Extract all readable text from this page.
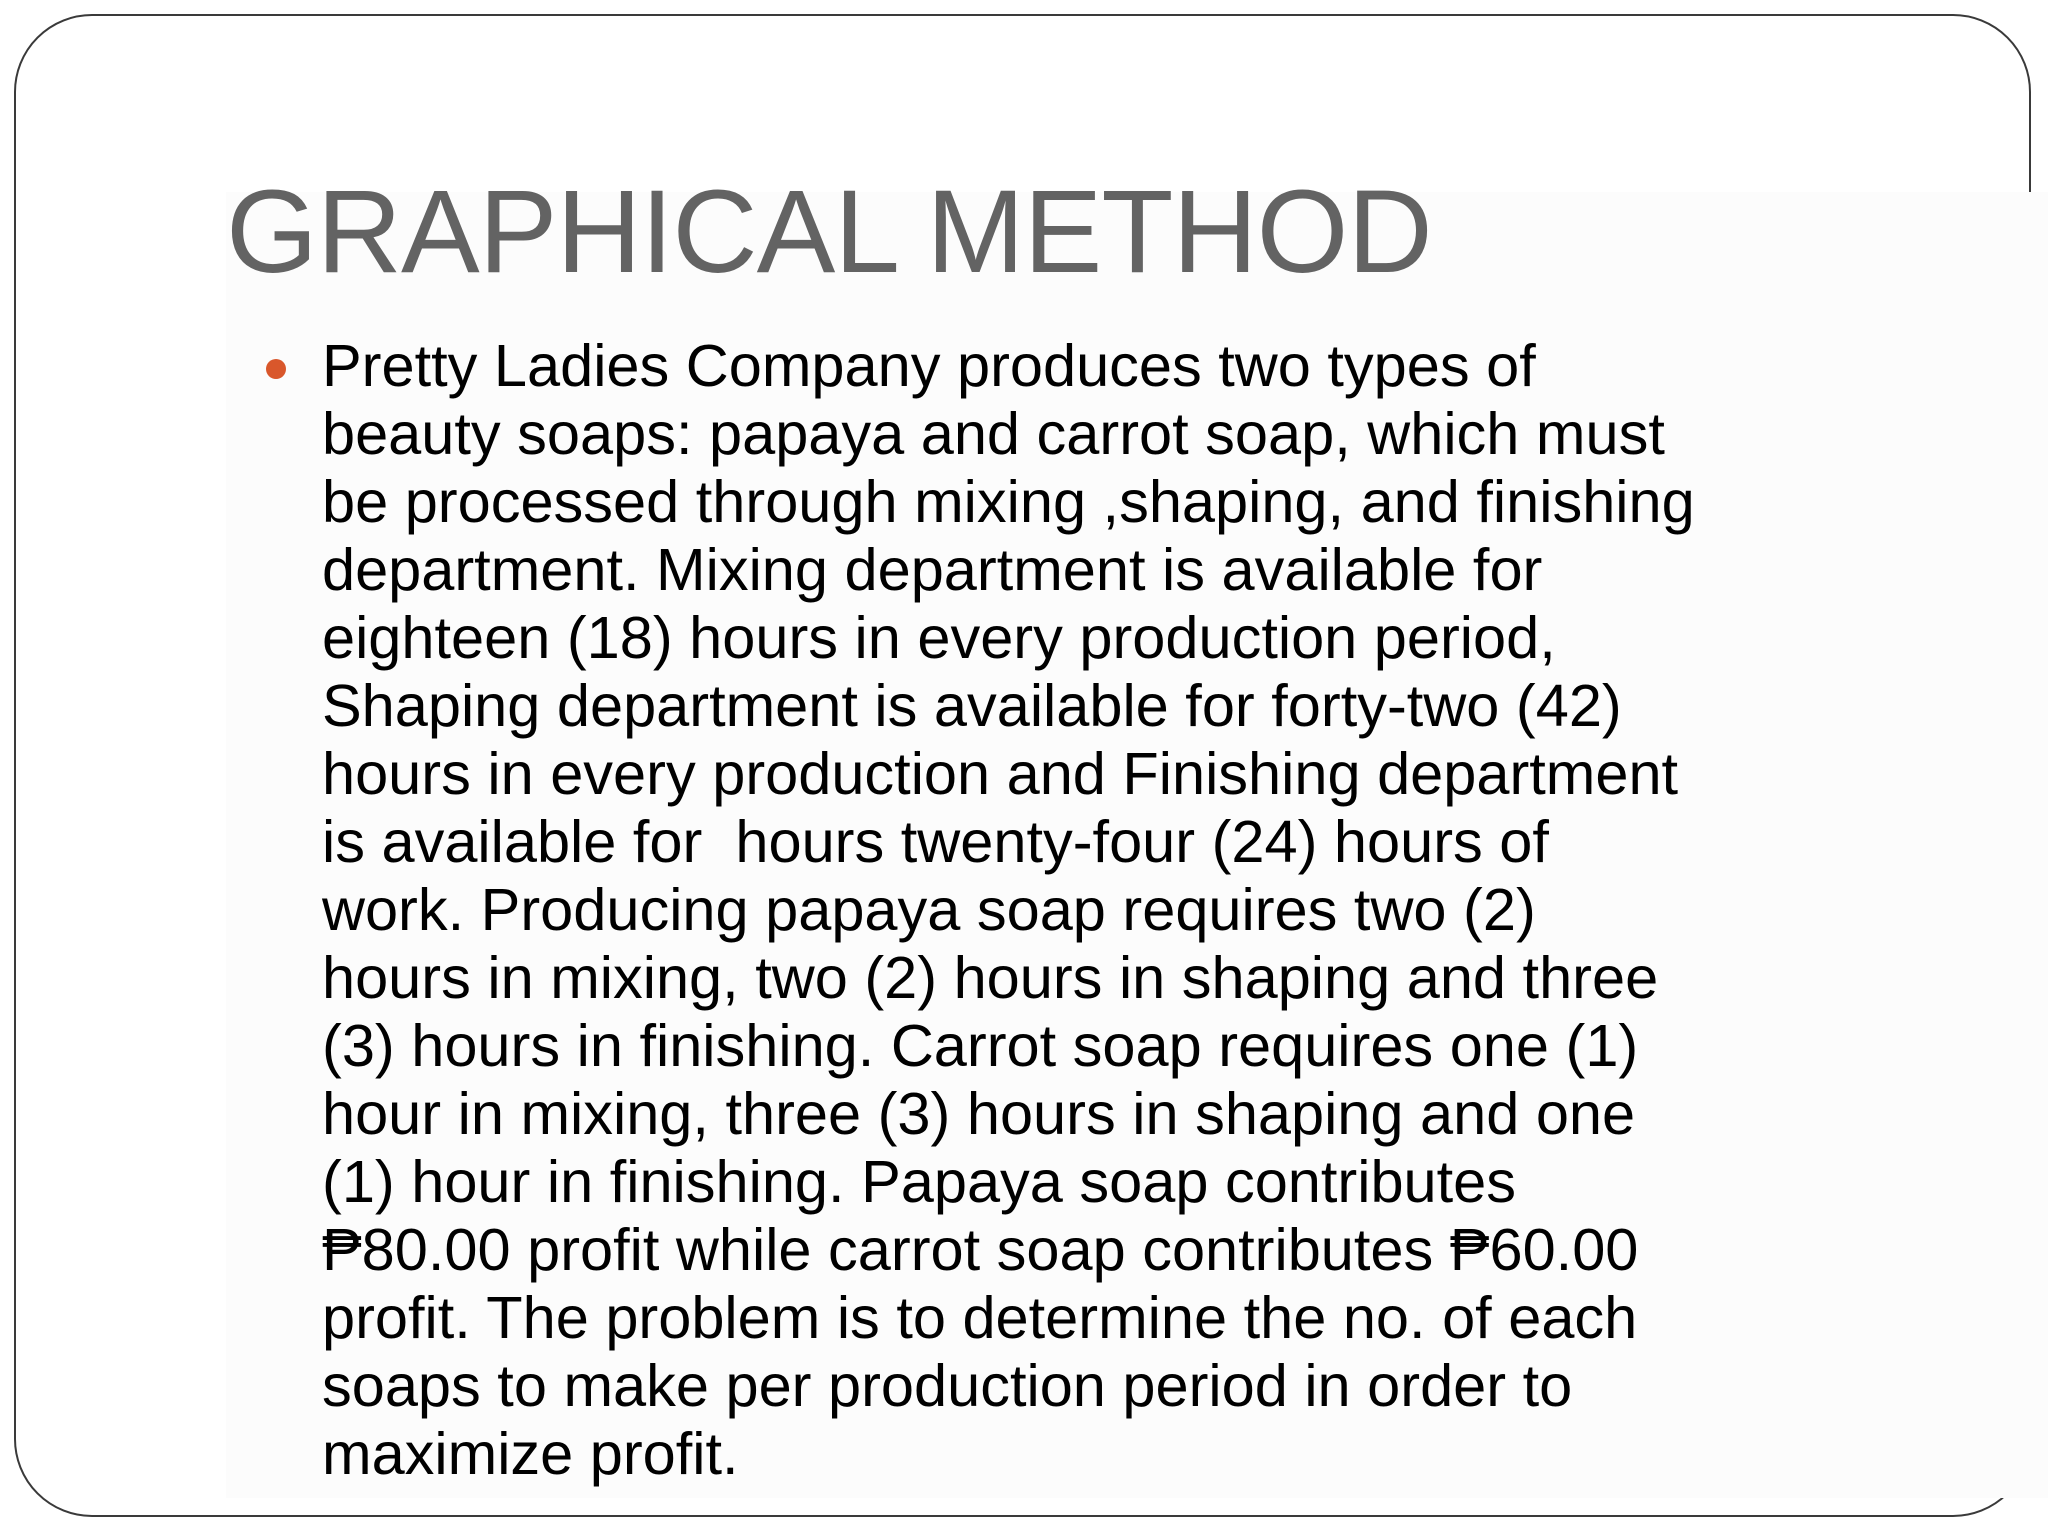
GRAPHICAL METHOD

Pretty Ladies Company produces two types of
beauty soaps: papaya and carrot soap, which must
be processed through mixing ,shaping, and finishing
department. Mixing department is available for
eighteen (18) hours in every production period,
Shaping department is available for forty-two (42)
hours in every production and Finishing department
is available for  hours twenty-four (24) hours of
work. Producing papaya soap requires two (2)
hours in mixing, two (2) hours in shaping and three
(3) hours in finishing. Carrot soap requires one (1)
hour in mixing, three (3) hours in shaping and one
(1) hour in finishing. Papaya soap contributes
₱80.00 profit while carrot soap contributes ₱60.00
profit. The problem is to determine the no. of each
soaps to make per production period in order to
maximize profit.
